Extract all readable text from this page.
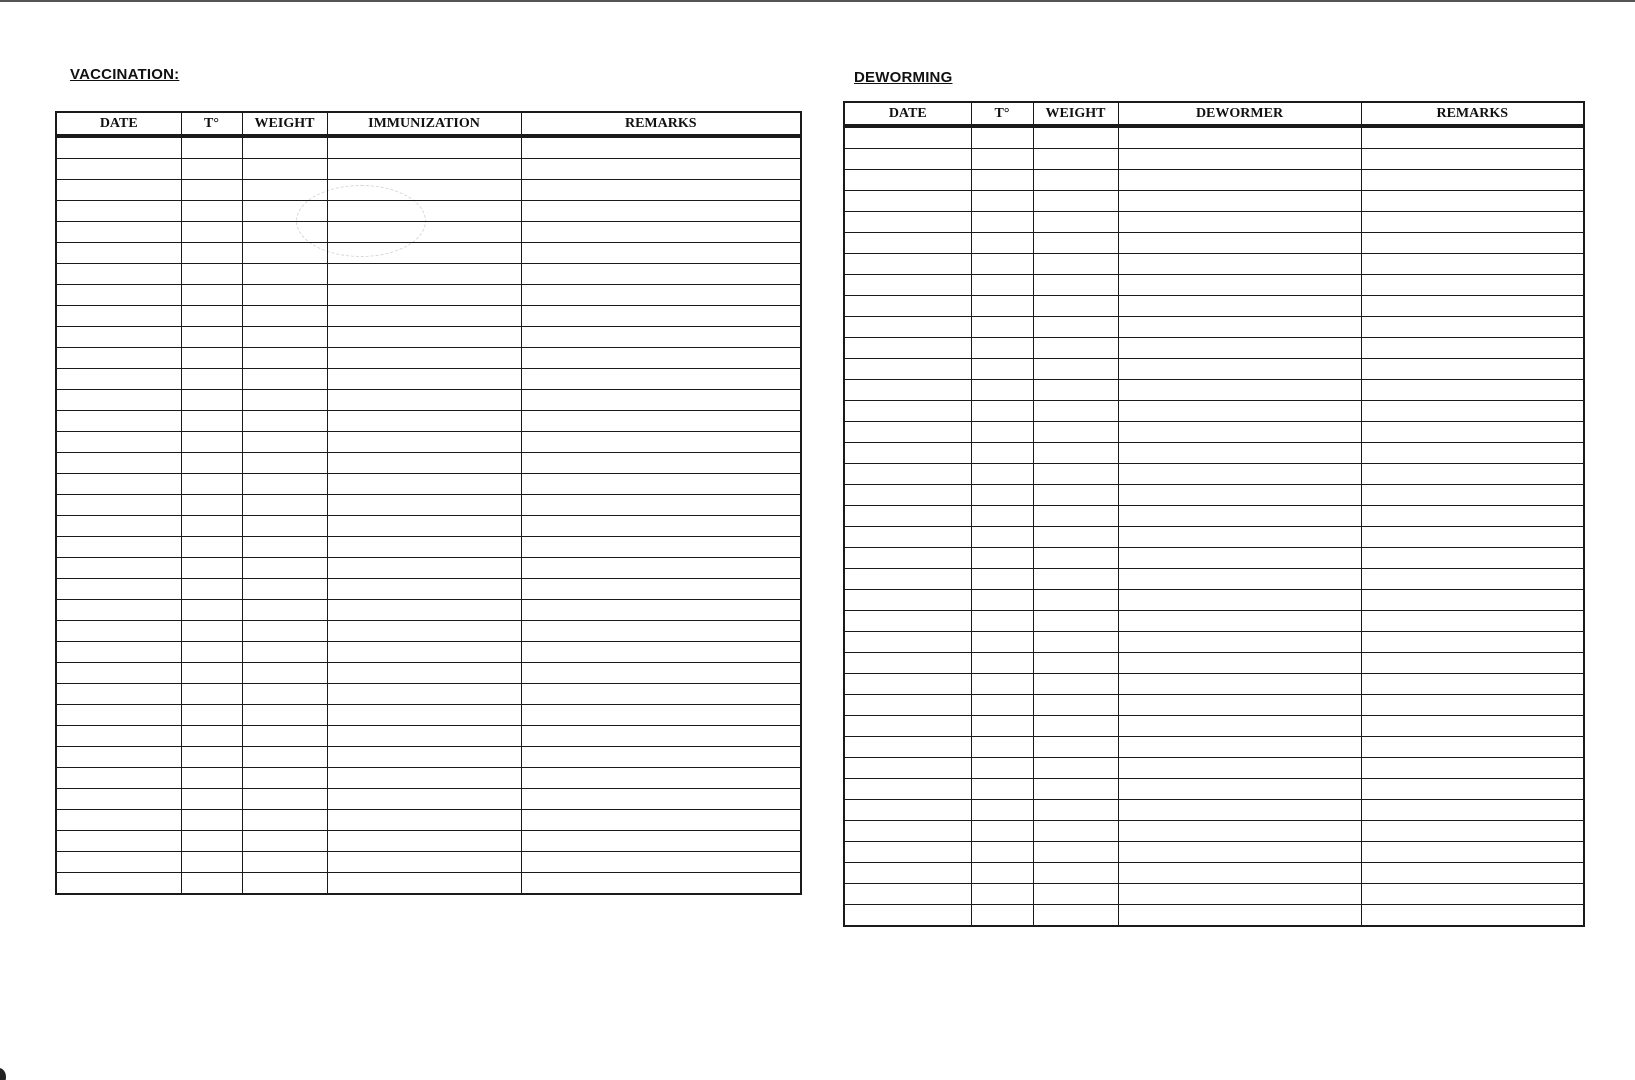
VACCINATION:
DATE	T°	WEIGHT	IMMUNIZATION	REMARKS

DEWORMING
DATE	T°	WEIGHT	DEWORMER	REMARKS
